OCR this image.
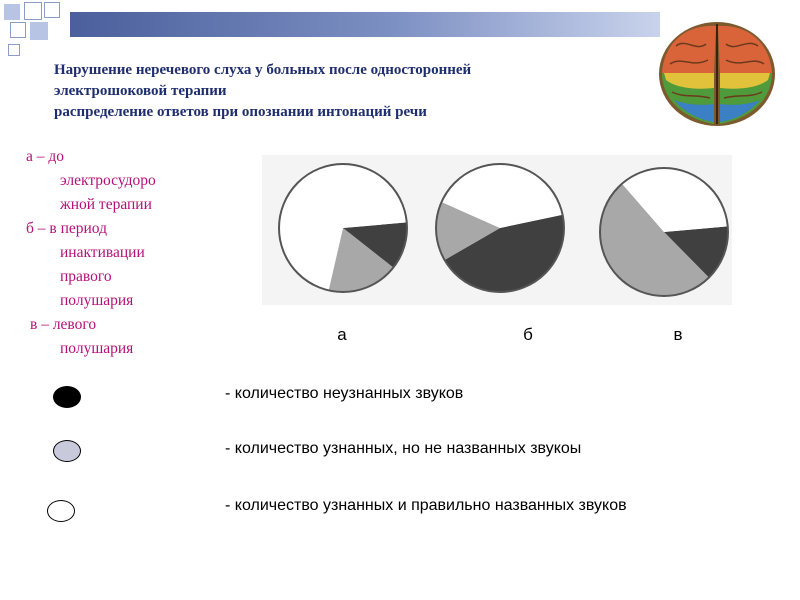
Нарушение неречевого слуха у больных после односторонней
электрошоковой терапии
распределение ответов при опознании интонаций речи
а – до
электросудоро
жной терапии
б – в период
инактивации
правого
полушария
в – левого
полушария
а	б	в
- количество неузнанных звуков
- количество узнанных, но не названных звукоы
- количество узнанных и правильно названных звуков
